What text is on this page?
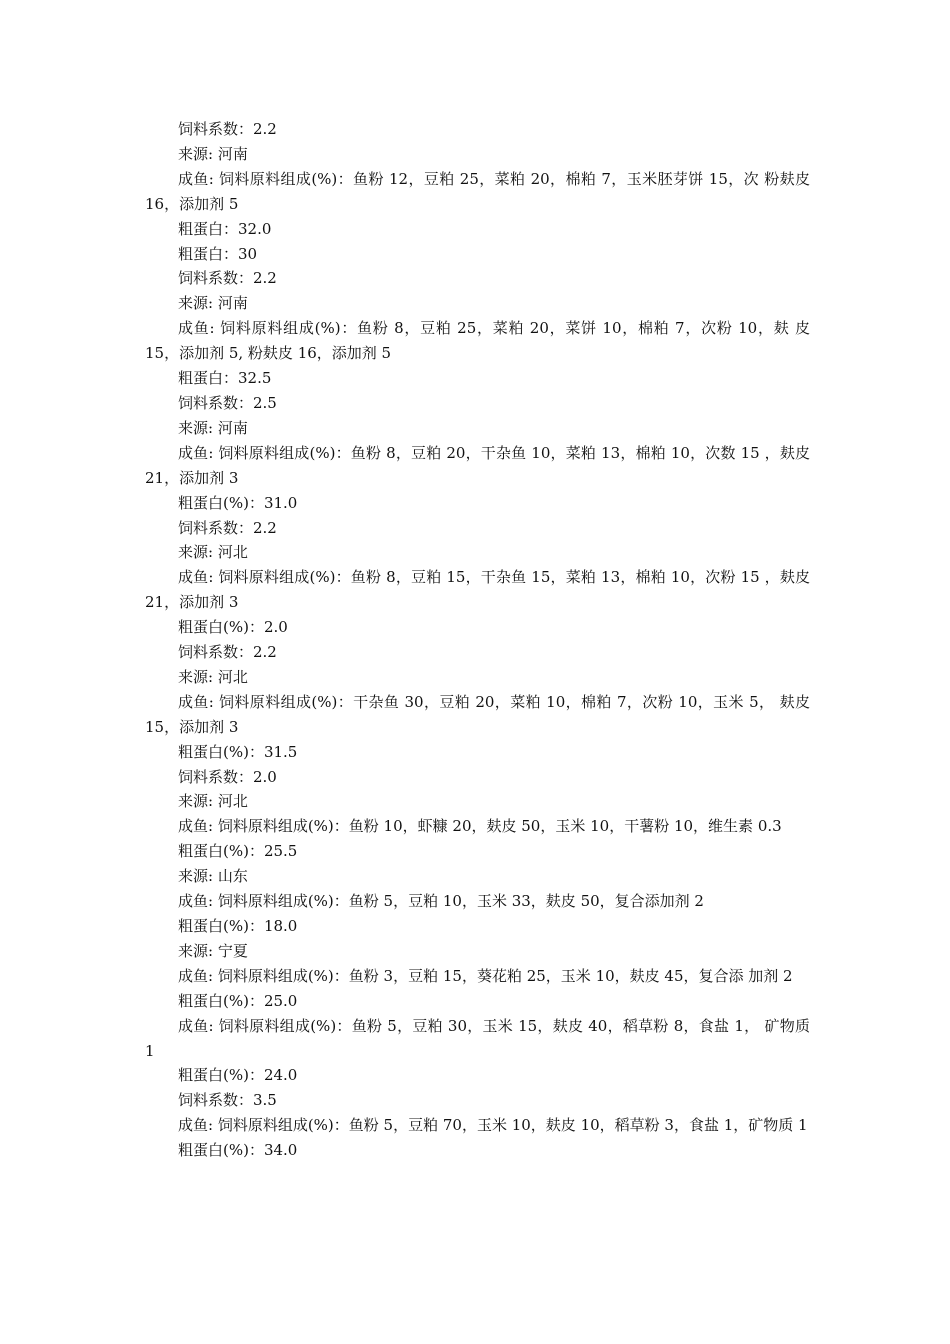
饲料系数：2.2

来源: 河南

成鱼: 饲料原料组成(%)：鱼粉 12，豆粕 25，菜粕 20，棉粕 7，玉米胚芽饼 15，次 粉麸皮 16，添加剂 5

粗蛋白：32.0

粗蛋白：30

饲料系数：2.2

来源: 河南

成鱼: 饲料原料组成(%)：鱼粉 8，豆粕 25，菜粕 20，菜饼 10，棉粕 7，次粉 10，麸 皮 15，添加剂 5, 粉麸皮 16，添加剂 5

粗蛋白：32.5

饲料系数：2.5

来源: 河南

成鱼: 饲料原料组成(%)：鱼粉 8，豆粕 20，干杂鱼 10，菜粕 13，棉粕 10，次数 15 ，麸皮 21，添加剂 3

粗蛋白(%)：31.0

饲料系数：2.2

来源: 河北

成鱼: 饲料原料组成(%)：鱼粉 8，豆粕 15，干杂鱼 15，菜粕 13，棉粕 10，次粉 15 ，麸皮 21，添加剂 3

粗蛋白(%)：2.0

饲料系数：2.2

来源: 河北

成鱼: 饲料原料组成(%)：干杂鱼 30，豆粕 20，菜粕 10，棉粕 7，次粉 10，玉米 5， 麸皮 15，添加剂 3

粗蛋白(%)：31.5

饲料系数：2.0

来源: 河北

成鱼: 饲料原料组成(%)：鱼粉 10，虾糠 20，麸皮 50，玉米 10，干薯粉 10，维生素 0.3

粗蛋白(%)：25.5

来源: 山东

成鱼: 饲料原料组成(%)：鱼粉 5，豆粕 10，玉米 33，麸皮 50，复合添加剂 2

粗蛋白(%)：18.0

来源: 宁夏

成鱼: 饲料原料组成(%)：鱼粉 3，豆粕 15，葵花粕 25，玉米 10，麸皮 45，复合添 加剂 2

粗蛋白(%)：25.0

成鱼: 饲料原料组成(%)：鱼粉 5，豆粕 30，玉米 15，麸皮 40，稻草粉 8，食盐 1， 矿物质 1

粗蛋白(%)：24.0

饲料系数：3.5

成鱼: 饲料原料组成(%)：鱼粉 5，豆粕 70，玉米 10，麸皮 10，稻草粉 3，食盐 1，矿物质 1

粗蛋白(%)：34.0
